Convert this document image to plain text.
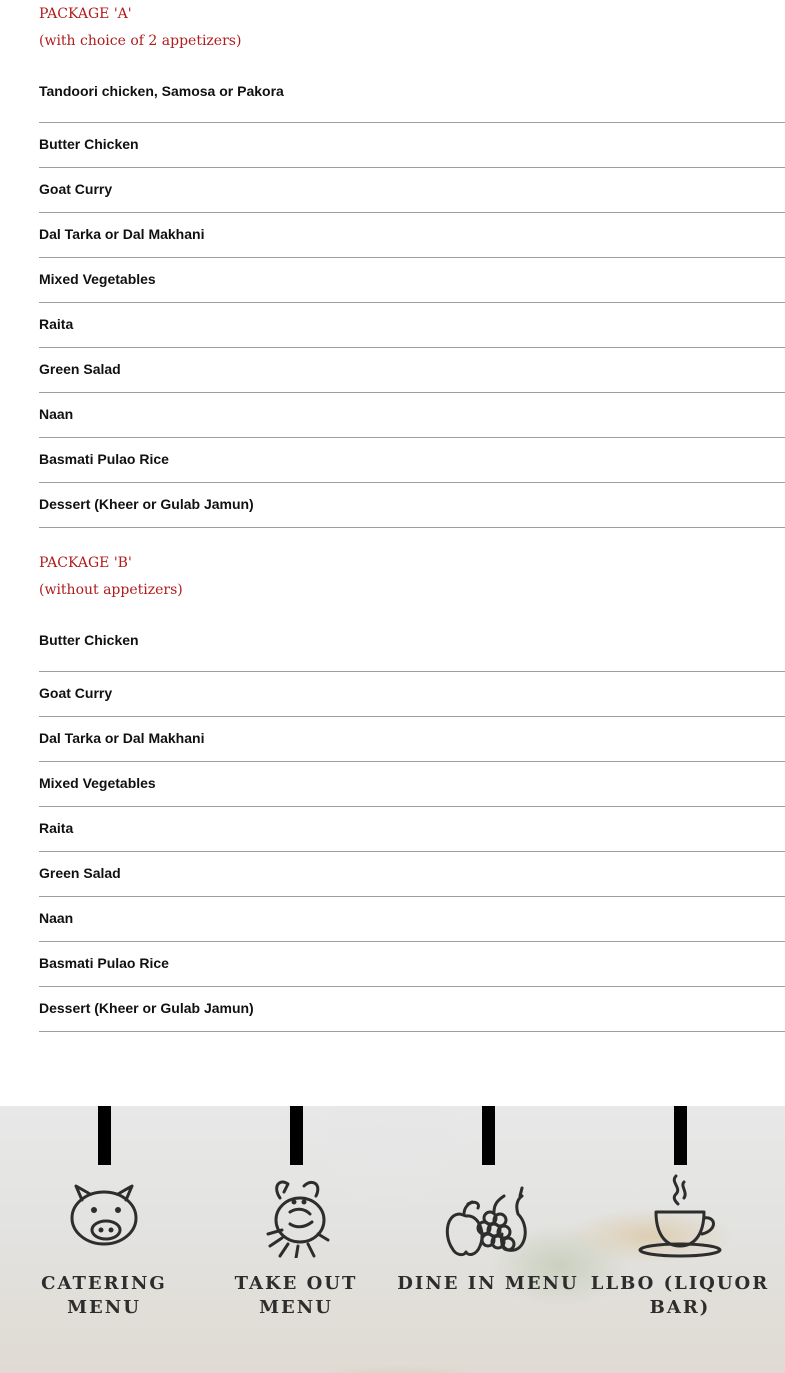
PACKAGE 'A'
(with choice of 2 appetizers)
Tandoori chicken, Samosa or Pakora
Butter Chicken
Goat Curry
Dal Tarka or Dal Makhani
Mixed Vegetables
Raita
Green Salad
Naan
Basmati Pulao Rice
Dessert (Kheer or Gulab Jamun)
PACKAGE 'B'
(without appetizers)
Butter Chicken
Goat Curry
Dal Tarka or Dal Makhani
Mixed Vegetables
Raita
Green Salad
Naan
Basmati Pulao Rice
Dessert (Kheer or Gulab Jamun)
CATERING MENU
TAKE OUT MENU
DINE IN MENU LLBO (LIQUOR BAR)
